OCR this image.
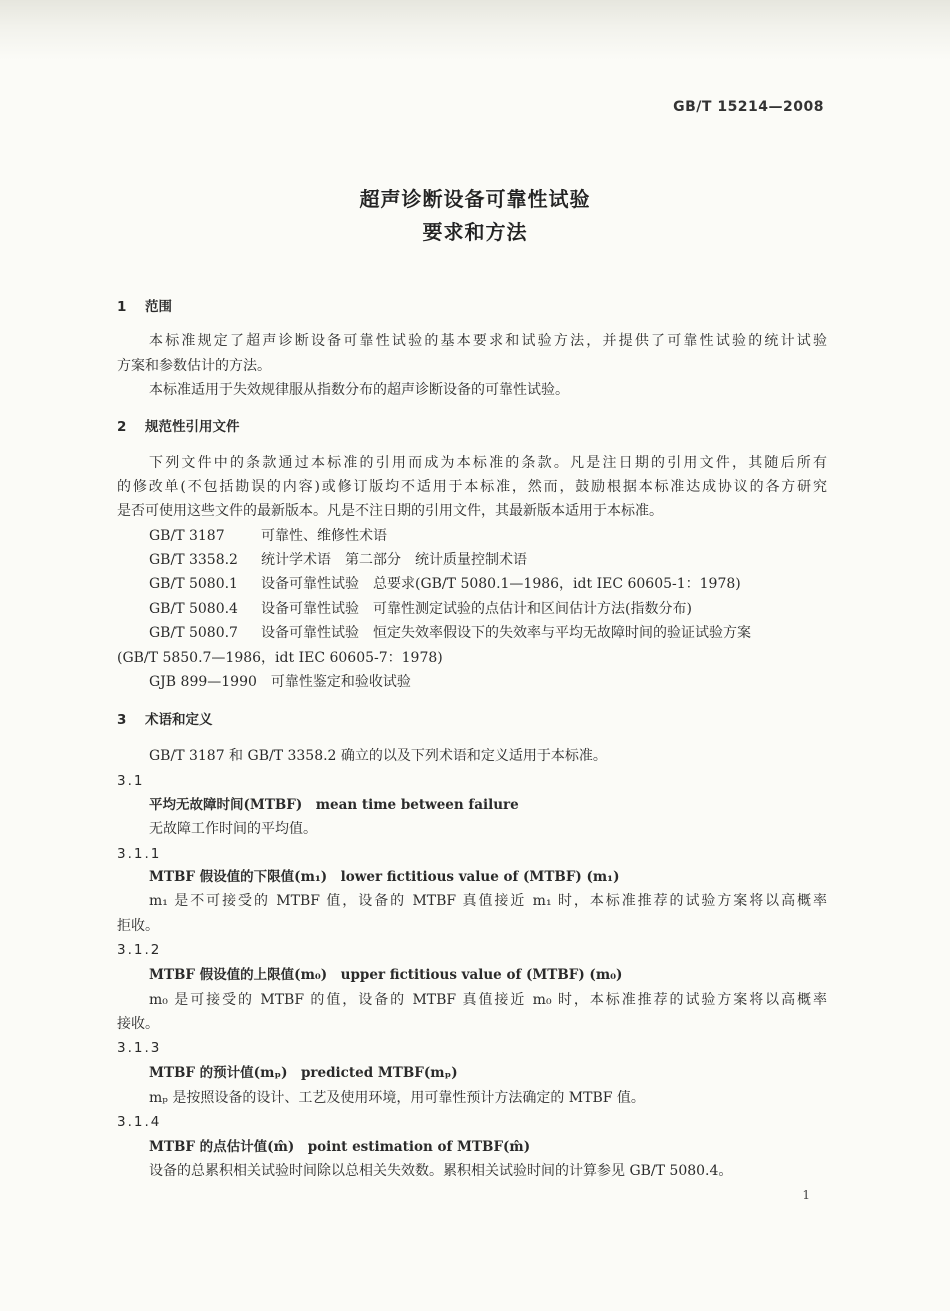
GB/T 15214—2008
超声诊断设备可靠性试验
要求和方法
1 范围
本标准规定了超声诊断设备可靠性试验的基本要求和试验方法，并提供了可靠性试验的统计试验
方案和参数估计的方法。
本标准适用于失效规律服从指数分布的超声诊断设备的可靠性试验。
2 规范性引用文件
下列文件中的条款通过本标准的引用而成为本标准的条款。凡是注日期的引用文件，其随后所有
的修改单(不包括勘误的内容)或修订版均不适用于本标准，然而，鼓励根据本标准达成协议的各方研究
是否可使用这些文件的最新版本。凡是不注日期的引用文件，其最新版本适用于本标准。
GB/T 3187	可靠性、维修性术语
GB/T 3358.2 统计学术语　第二部分　统计质量控制术语
GB/T 5080.1 设备可靠性试验　总要求(GB/T 5080.1—1986，idt IEC 60605-1：1978)
GB/T 5080.4 设备可靠性试验　可靠性测定试验的点估计和区间估计方法(指数分布)
GB/T 5080.7 设备可靠性试验　恒定失效率假设下的失效率与平均无故障时间的验证试验方案
(GB/T 5850.7—1986，idt IEC 60605-7：1978)
GJB 899—1990　可靠性鉴定和验收试验
3 术语和定义
GB/T 3187 和 GB/T 3358.2 确立的以及下列术语和定义适用于本标准。
3.1
平均无故障时间(MTBF)　mean time between failure
无故障工作时间的平均值。
3.1.1
MTBF 假设值的下限值(m₁)　lower fictitious value of (MTBF) (m₁)
m₁ 是不可接受的 MTBF 值，设备的 MTBF 真值接近 m₁ 时，本标准推荐的试验方案将以高概率
拒收。
3.1.2
MTBF 假设值的上限值(m₀)　upper fictitious value of (MTBF) (m₀)
m₀ 是可接受的 MTBF 的值，设备的 MTBF 真值接近 m₀ 时，本标准推荐的试验方案将以高概率
接收。
3.1.3
MTBF 的预计值(mₚ)　predicted MTBF(mₚ)
mₚ 是按照设备的设计、工艺及使用环境，用可靠性预计方法确定的 MTBF 值。
3.1.4
MTBF 的点估计值(m̂)　point estimation of MTBF(m̂)
设备的总累积相关试验时间除以总相关失效数。累积相关试验时间的计算参见 GB/T 5080.4。
1
